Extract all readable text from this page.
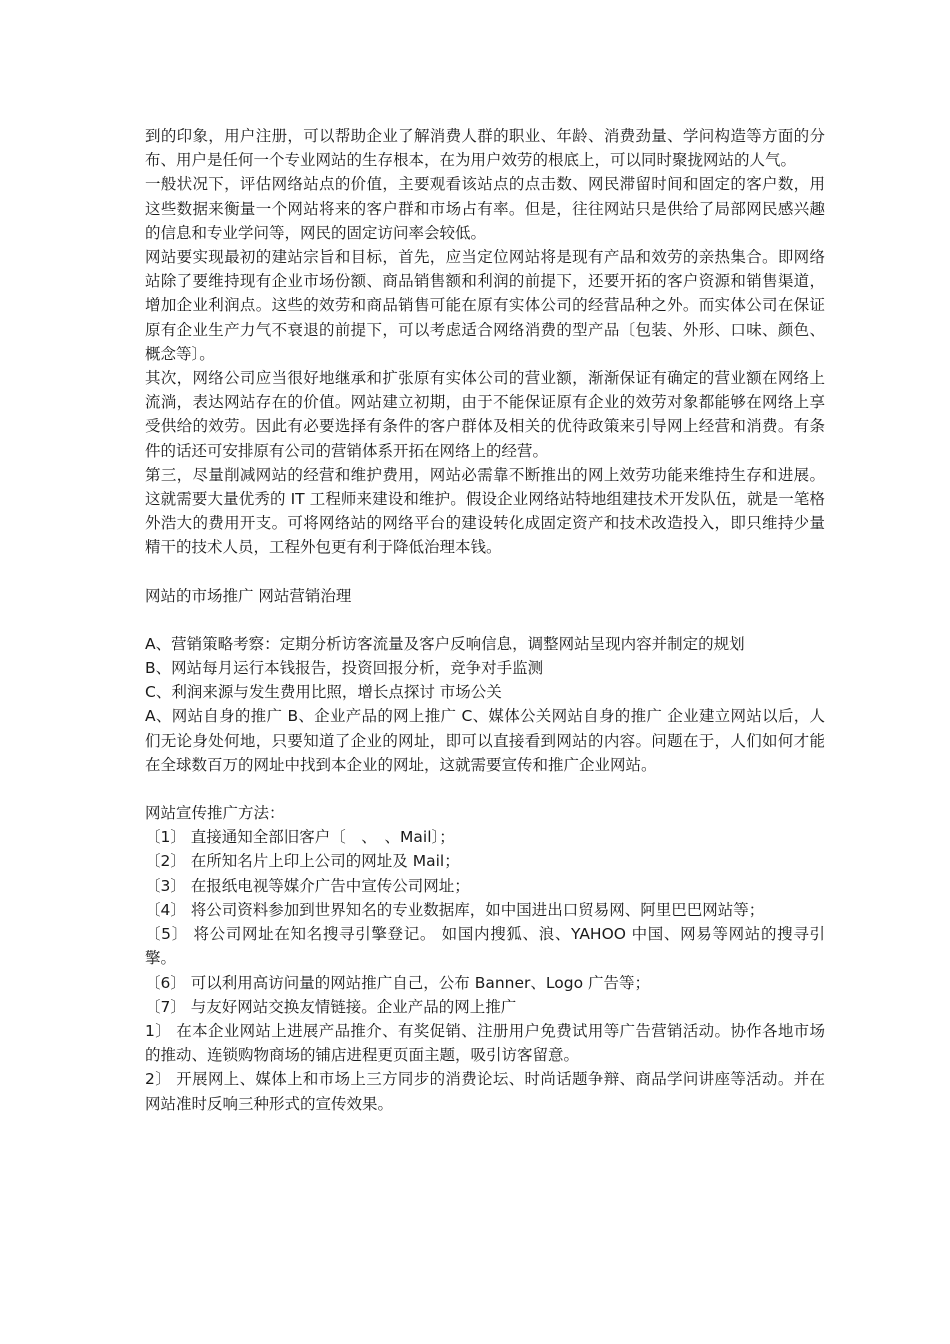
到的印象，用户注册，可以帮助企业了解消费人群的职业、年龄、消费劲量、学问构造等方面的分布、用户是任何一个专业网站的生存根本，在为用户效劳的根底上，可以同时聚拢网站的人气。

一般状况下，评估网络站点的价值，主要观看该站点的点击数、网民滞留时间和固定的客户数，用这些数据来衡量一个网站将来的客户群和市场占有率。但是，往往网站只是供给了局部网民感兴趣的信息和专业学问等，网民的固定访问率会较低。

网站要实现最初的建站宗旨和目标，首先，应当定位网站将是现有产品和效劳的亲热集合。即网络站除了要维持现有企业市场份额、商品销售额和利润的前提下，还要开拓的客户资源和销售渠道，增加企业利润点。这些的效劳和商品销售可能在原有实体公司的经营品种之外。而实体公司在保证原有企业生产力气不衰退的前提下，可以考虑适合网络消费的型产品〔包装、外形、口味、颜色、概念等〕。

其次，网络公司应当很好地继承和扩张原有实体公司的营业额，渐渐保证有确定的营业额在网络上流淌，表达网站存在的价值。网站建立初期，由于不能保证原有企业的效劳对象都能够在网络上享受供给的效劳。因此有必要选择有条件的客户群体及相关的优待政策来引导网上经营和消费。有条件的话还可安排原有公司的营销体系开拓在网络上的经营。

第三，尽量削减网站的经营和维护费用，网站必需靠不断推出的网上效劳功能来维持生存和进展。这就需要大量优秀的 IT 工程师来建设和维护。假设企业网络站特地组建技术开发队伍，就是一笔格外浩大的费用开支。可将网络站的网络平台的建设转化成固定资产和技术改造投入，即只维持少量精干的技术人员，工程外包更有利于降低治理本钱。

网站的市场推广 网站营销治理

A、营销策略考察：定期分析访客流量及客户反响信息，调整网站呈现内容并制定的规划

B、网站每月运行本钱报告，投资回报分析，竞争对手监测

C、利润来源与发生费用比照，增长点探讨 市场公关

A、网站自身的推广 B、企业产品的网上推广 C、媒体公关网站自身的推广 企业建立网站以后，人们无论身处何地，只要知道了企业的网址，即可以直接看到网站的内容。问题在于，人们如何才能在全球数百万的网址中找到本企业的网址，这就需要宣传和推广企业网站。

网站宣传推广方法：

〔1〕 直接通知全部旧客户〔　、　、Mail〕；

〔2〕 在所知名片上印上公司的网址及 Mail；

〔3〕 在报纸电视等媒介广告中宣传公司网址；

〔4〕 将公司资料参加到世界知名的专业数据库，如中国进出口贸易网、阿里巴巴网站等；

〔5〕 将公司网址在知名搜寻引擎登记。 如国内搜狐、浪、YAHOO 中国、网易等网站的搜寻引擎。

〔6〕 可以利用高访问量的网站推广自己，公布 Banner、Logo 广告等；

〔7〕 与友好网站交换友情链接。企业产品的网上推广

1〕 在本企业网站上进展产品推介、有奖促销、注册用户免费试用等广告营销活动。协作各地市场的推动、连锁购物商场的铺店进程更页面主题，吸引访客留意。

2〕 开展网上、媒体上和市场上三方同步的消费论坛、时尚话题争辩、商品学问讲座等活动。并在网站准时反响三种形式的宣传效果。
